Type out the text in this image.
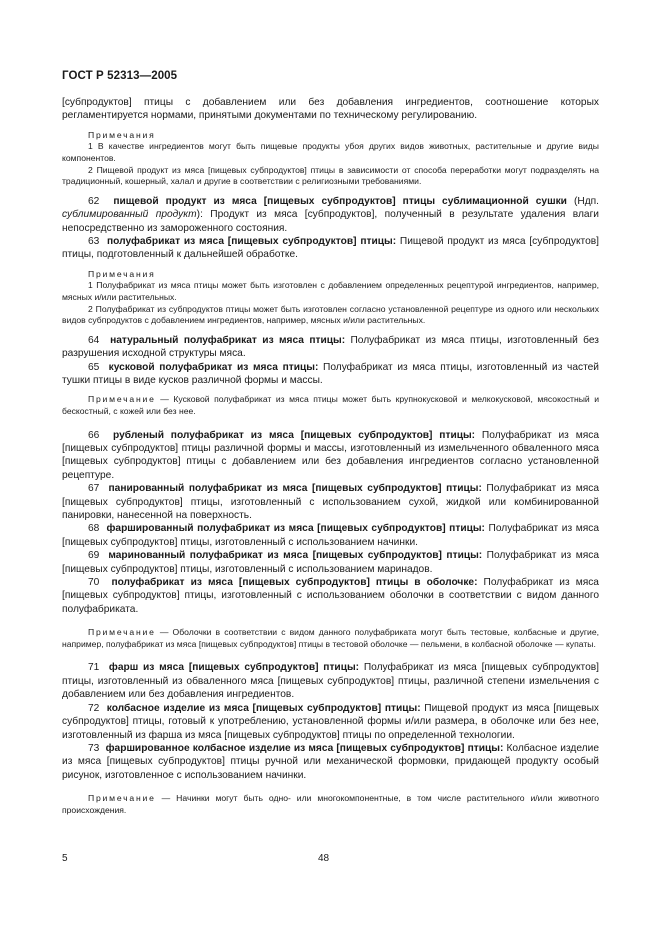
ГОСТ Р 52313—2005

[субпродуктов] птицы с добавлением или без добавления ингредиентов, соотношение которых регламентируется нормами, принятыми документами по техническому регулированию.

Примечания

1 В качестве ингредиентов могут быть пищевые продукты убоя других видов животных, растительные и другие виды компонентов.

2 Пищевой продукт из мяса [пищевых субпродуктов] птицы в зависимости от способа переработки могут подразделять на традиционный, кошерный, халал и другие в соответствии с религиозными требованиями.

62 пищевой продукт из мяса [пищевых субпродуктов] птицы сублимационной сушки (Ндп. сублимированный продукт): Продукт из мяса [субпродуктов], полученный в результате удаления влаги непосредственно из замороженного состояния.

63 полуфабрикат из мяса [пищевых субпродуктов] птицы: Пищевой продукт из мяса [субпродуктов] птицы, подготовленный к дальнейшей обработке.

Примечания

1 Полуфабрикат из мяса птицы может быть изготовлен с добавлением определенных рецептурой ингредиентов, например, мясных и/или растительных.

2 Полуфабрикат из субпродуктов птицы может быть изготовлен согласно установленной рецептуре из одного или нескольких видов субпродуктов с добавлением ингредиентов, например, мясных и/или растительных.

64 натуральный полуфабрикат из мяса птицы: Полуфабрикат из мяса птицы, изготовленный без разрушения исходной структуры мяса.

65 кусковой полуфабрикат из мяса птицы: Полуфабрикат из мяса птицы, изготовленный из частей тушки птицы в виде кусков различной формы и массы.

Примечание — Кусковой полуфабрикат из мяса птицы может быть крупнокусковой и мелкокусковой, мясокостный и бескостный, с кожей или без нее.

66 рубленый полуфабрикат из мяса [пищевых субпродуктов] птицы: Полуфабрикат из мяса [пищевых субпродуктов] птицы различной формы и массы, изготовленный из измельченного обваленного мяса [пищевых субпродуктов] птицы с добавлением или без добавления ингредиентов согласно установленной рецептуре.

67 панированный полуфабрикат из мяса [пищевых субпродуктов] птицы: Полуфабрикат из мяса [пищевых субпродуктов] птицы, изготовленный с использованием сухой, жидкой или комбинированной панировки, нанесенной на поверхность.

68 фаршированный полуфабрикат из мяса [пищевых субпродуктов] птицы: Полуфабрикат из мяса [пищевых субпродуктов] птицы, изготовленный с использованием начинки.

69 маринованный полуфабрикат из мяса [пищевых субпродуктов] птицы: Полуфабрикат из мяса [пищевых субпродуктов] птицы, изготовленный с использованием маринадов.

70 полуфабрикат из мяса [пищевых субпродуктов] птицы в оболочке: Полуфабрикат из мяса [пищевых субпродуктов] птицы, изготовленный с использованием оболочки в соответствии с видом данного полуфабриката.

Примечание — Оболочки в соответствии с видом данного полуфабриката могут быть тестовые, колбасные и другие, например, полуфабрикат из мяса [пищевых субпродуктов] птицы в тестовой оболочке — пельмени, в колбасной оболочке — купаты.

71 фарш из мяса [пищевых субпродуктов] птицы: Полуфабрикат из мяса [пищевых субпродуктов] птицы, изготовленный из обваленного мяса [пищевых субпродуктов] птицы, различной степени измельчения с добавлением или без добавления ингредиентов.

72 колбасное изделие из мяса [пищевых субпродуктов] птицы: Пищевой продукт из мяса [пищевых субпродуктов] птицы, готовый к употреблению, установленной формы и/или размера, в оболочке или без нее, изготовленный из фарша из мяса [пищевых субпродуктов] птицы по определенной технологии.

73 фаршированное колбасное изделие из мяса [пищевых субпродуктов] птицы: Колбасное изделие из мяса [пищевых субпродуктов] птицы ручной или механической формовки, придающей продукту особый рисунок, изготовленное с использованием начинки.

Примечание — Начинки могут быть одно- или многокомпонентные, в том числе растительного и/или животного происхождения.

5	48
